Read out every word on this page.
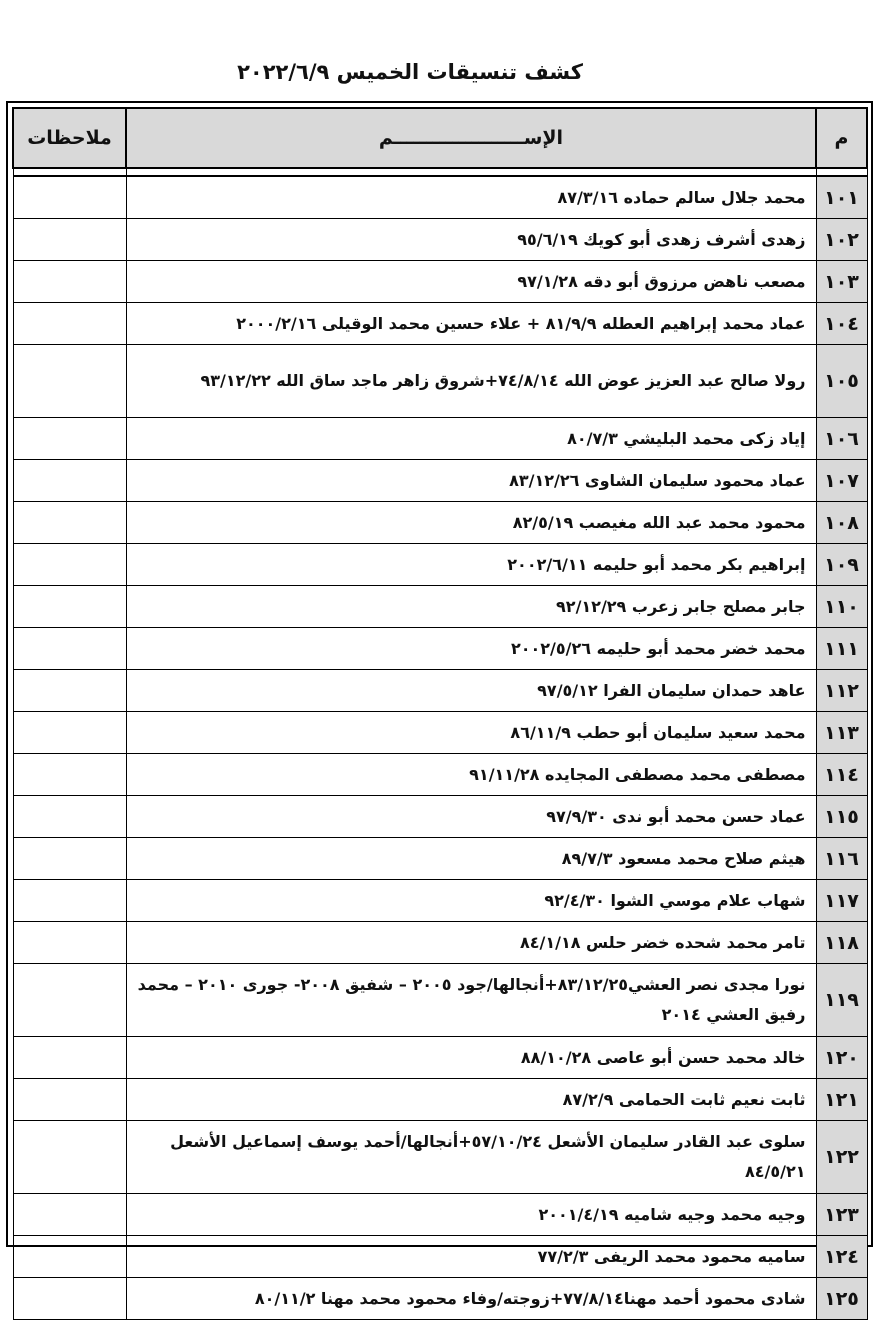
كشف تنسيقات الخميس ٢٠٢٢/٦/٩
م	الإســــــــــــــــــــم	ملاحظات

١٠١	محمد جلال سالم حماده ٨٧/٣/١٦	
١٠٢	زهدى أشرف زهدى أبو كويك ٩٥/٦/١٩	
١٠٣	مصعب ناهض مرزوق أبو دقه ٩٧/١/٢٨	
١٠٤	عماد محمد إبراهيم العطله ٨١/٩/٩ + علاء حسين محمد الوقيلى ٢٠٠٠/٢/١٦	
١٠٥	رولا صالح عبد العزيز عوض الله ٧٤/٨/١٤+شروق زاهر ماجد ساق الله ٩٣/١٢/٢٢	
١٠٦	إياد زكى محمد البليشي ٨٠/٧/٣	
١٠٧	عماد محمود سليمان الشاوى ٨٣/١٢/٢٦	
١٠٨	محمود محمد عبد الله مغيصب ٨٢/٥/١٩	
١٠٩	إبراهيم بكر محمد أبو حليمه ٢٠٠٢/٦/١١	
١١٠	جابر مصلح جابر زعرب ٩٢/١٢/٢٩	
١١١	محمد خضر محمد أبو حليمه ٢٠٠٢/٥/٢٦	
١١٢	عاهد حمدان سليمان الفرا ٩٧/٥/١٢	
١١٣	محمد سعيد سليمان أبو حطب ٨٦/١١/٩	
١١٤	مصطفى محمد مصطفى المجايده ٩١/١١/٢٨	
١١٥	عماد حسن محمد أبو ندى ٩٧/٩/٣٠	
١١٦	هيثم صلاح محمد مسعود ٨٩/٧/٣	
١١٧	شهاب علام موسي الشوا ٩٢/٤/٣٠	
١١٨	تامر محمد شحده خضر حلس ٨٤/١/١٨	
١١٩	نورا مجدى نصر العشي٨٣/١٢/٢٥+أنجالها/جود ٢٠٠٥ – شفيق ٢٠٠٨- جورى ٢٠١٠ – محمد رفيق العشي ٢٠١٤	
١٢٠	خالد محمد حسن أبو عاصى ٨٨/١٠/٢٨	
١٢١	ثابت نعيم ثابت الحمامى ٨٧/٢/٩	
١٢٢	سلوى عبد القادر سليمان الأشعل ٥٧/١٠/٢٤+أنجالها/أحمد يوسف إسماعيل الأشعل ٨٤/٥/٢١	
١٢٣	وجيه محمد وجيه شاميه ٢٠٠١/٤/١٩	
١٢٤	ساميه محمود محمد الريفى ٧٧/٢/٣	
١٢٥	شادى محمود أحمد مهنا٧٧/٨/١٤+زوجته/وفاء محمود محمد مهنا ٨٠/١١/٢	
